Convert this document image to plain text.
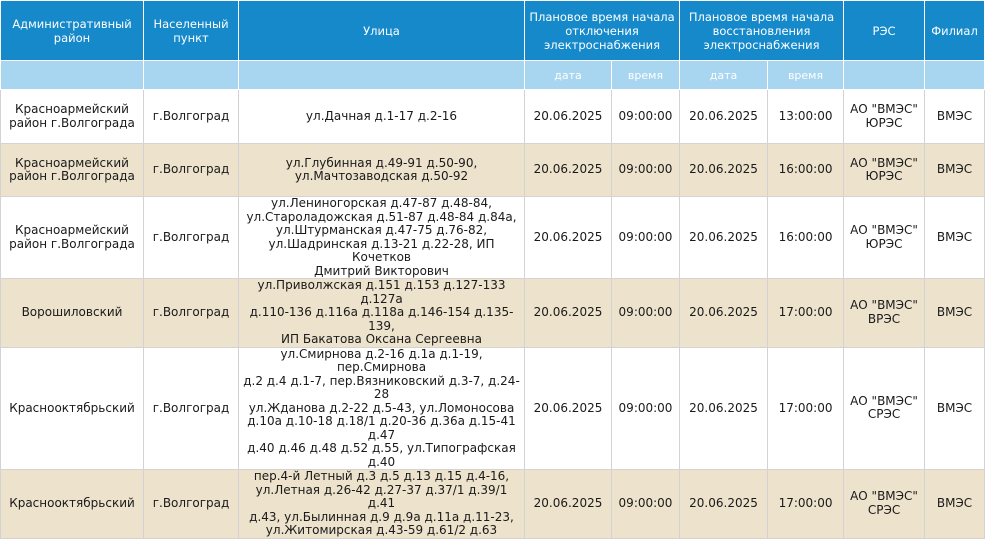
Административный район	Населенный пункт	Улица	Плановое время начала отключения электроснабжения		Плановое время начала восстановления электроснабжения		РЭС	Филиал
			дата	время	дата	время		
Красноармейский район г.Волгограда	г.Волгоград	ул.Дачная д.1-17 д.2-16	20.06.2025	09:00:00	20.06.2025	13:00:00	АО "ВМЭС" ЮРЭС	ВМЭС
Красноармейский район г.Волгограда	г.Волгоград	ул.Глубинная д.49-91 д.50-90,
ул.Мачтозаводская д.50-92	20.06.2025	09:00:00	20.06.2025	16:00:00	АО "ВМЭС" ЮРЭС	ВМЭС
Красноармейский район г.Волгограда	г.Волгоград	ул.Лениногорская д.47-87 д.48-84,
ул.Староладожская д.51-87 д.48-84 д.84а,
ул.Штурманская д.47-75 д.76-82,
ул.Шадринская д.13-21 д.22-28, ИП Кочетков
Дмитрий Викторович	20.06.2025	09:00:00	20.06.2025	16:00:00	АО "ВМЭС" ЮРЭС	ВМЭС
Ворошиловский	г.Волгоград	ул.Приволжская д.151 д.153 д.127-133 д.127а
д.110-136 д.116а д.118а д.146-154 д.135-139,
ИП Бакатова Оксана Сергеевна	20.06.2025	09:00:00	20.06.2025	17:00:00	АО "ВМЭС" ВРЭС	ВМЭС
Краснооктябрьский	г.Волгоград	ул.Смирнова д.2-16 д.1а д.1-19, пер.Смирнова
д.2 д.4 д.1-7, пер.Вязниковский д.3-7, д.24-28
ул.Жданова д.2-22 д.5-43, ул.Ломоносова
д.10а д.10-18 д.18/1 д.20-36 д.36а д.15-41 д.47
д.40 д.46 д.48 д.52 д.55, ул.Типографская д.40	20.06.2025	09:00:00	20.06.2025	17:00:00	АО "ВМЭС" СРЭС	ВМЭС
Краснооктябрьский	г.Волгоград	пер.4-й Летный д.3 д.5 д.13 д.15 д.4-16,
ул.Летная д.26-42 д.27-37 д.37/1 д.39/1 д.41
д.43, ул.Былинная д.9 д.9а д.11а д.11-23,
ул.Житомирская д.43-59 д.61/2 д.63	20.06.2025	09:00:00	20.06.2025	17:00:00	АО "ВМЭС" СРЭС	ВМЭС
